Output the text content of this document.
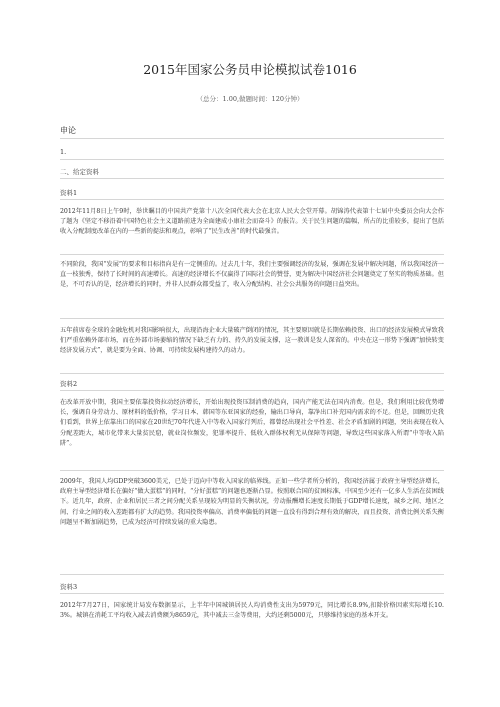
2015年国家公务员申论模拟试卷1016
（总分：1.00,做题时间：120分钟）
申论
1.
二、给定资料
资料1

2012年11月8日上午9时，举世瞩目的中国共产党第十八次全国代表大会在北京人民大会堂开幕。胡锦涛代表第十七届中央委员会向大会作了题为《坚定不移沿着中国特色社会主义道路前进为全面建成小康社会而奋斗》的报告。关于民生问题的篇幅，所占的比重较多，提出了包括收入分配制度改革在内的一些新的提法和观点，彰响了“民生改善”的时代最强音。

不同阶段，我国“发展”的要求和目标指向是有一定侧重的。过去几十年，我们主要强调经济的发展，强调在发展中解决问题，所以我国经济一直一枝独秀，保持了长时间的高速增长。高速的经济增长不仅赢得了国际社会的赞誉，更为解决中国经济社会问题奠定了坚实的物质基础。但是，不可否认的是，经济增长的同时，并非人民群众都受益了，收入分配结构、社会公共服务的问题日益突出。

五年前席卷全球的金融危机对我国影响很大，出现沿海企业大量破产倒闭的情况，其主要原因就是长期依赖投资、出口的经济发展模式导致我们严重依赖外部市场，而在外部市场萎缩的情况下缺乏有力的、持久的发展支撑，这一教训是发人深省的。中央在这一形势下强调“加快转变经济发展方式”，就是要为全面、协调、可持续发展构建持久的动力。

资料2

在改革开放中期，我国主要依靠投资拉动经济增长，开始出现投资压制消费的趋向，国内产能无法在国内消费。但是，我们利用比较优势增长，强调自身劳动力、原材料的低价格，学习日本、韩国等东亚国家的经验，输出口导向，靠净出口补充国内需求的不足。但是，回顾历史我们看到，世界上依靠出口的国家在20世纪70年代进入中等收入国家行列后，都曾经出现社会平性差、社会矛盾加剧的问题，突出表现在收入分配差距大，城市化带来大量贫民窟，就业岗位频发，犯罪率提升、低收入群体权利无从保障等问题，导致这些国家落入所谓“中等收入陷阱”。

2009年，我国人均GDP突破3600美元，已处于迈向中等收入国家的临界线。正如一些学者所分析的，我国经济属于政府主导型经济增长，政府主导型经济增长在偏好“做大蛋糕”的同时，“分好蛋糕”的问题也逐渐凸显。按照联合国的贫困标准，中国至少还有一亿多人生活在贫困线下。近几年，政府、企业和居民三者之间分配关系呈现较为明显的失衡状况，劳动报酬增长速度长期低于GDP增长速度，城乡之间、地区之间、行业之间的收入差距都有扩大的趋势。我国投资率偏高、消费率偏低的问题一直没有得到合理有效的解决，而且投资、消费比例关系失衡问题呈不断加剧趋势，已成为经济可持续发展的重大隐患。

资料3

2012年7月27日，国家统计局发布数据显示，上半年中国城镇居民人均消费性支出为5979元，同比增长8.9%,扣除价格因素实际增长10.3%。城镇在消耗工平均收入减去消费额为8659元，其中减去三金等费用，大约还剩5000元，只够维持家庭的基本开支。
